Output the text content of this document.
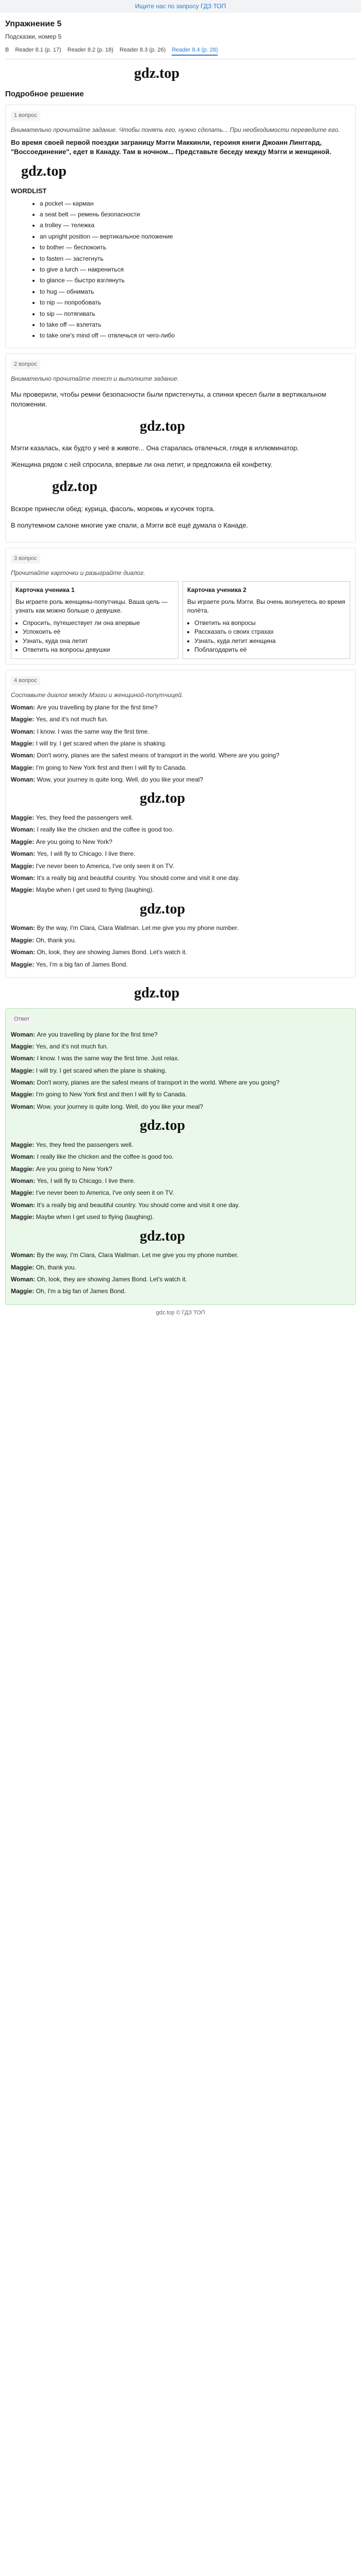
Ищите нас по запросу ГДЗ ТОП
Упражнение 5
Подсказки, номер 5
В Reader 8.1 (р. 17) Reader 8.2 (р. 18) Reader 8.3 (р. 26) Reader 8.4 (р. 28)
gdz.top
Подробное решение
1 вопрос
Внимательно прочитайте задание. Чтобы понять его, нужно сделать... При необходимости переведите его.
Во время своей первой поездки заграницу Мэгги Маккинли, героиня книги Джоанн Линггард, "Воссоединение", едет в Канаду. Там в ночном... Представьте беседу между Мэгги и женщиной.
gdz.top
WORDLIST
• a pocket — карман
• a seat belt — ремень безопасности
• a trolley — тележка
• an upright position — вертикальное положение
• to bother — беспокоить
• to fasten — застегнуть
• to give a lurch — накрениться
• to glance — быстро взглянуть
• to hug — обнимать
• to nip — попробовать
• to sip — потягивать
• to take off — взлетать
• to take one's mind off — отвлечься от чего-либо
2 вопрос
Внимательно прочитайте текст и выполните задание.

Мы проверили, чтобы ремни безопасности были пристегнуты, а спинки кресел были в вертикальном положении.

gdz.top

Мэгги казалась, как будто у неё в животе... Она старалась отвлечься, глядя в иллюминатор.

Женщина рядом с ней спросила, впервые ли она летит, и предложила ей конфетку.

gdz.top

Вскоре принесли обед: курица, фасоль, морковь и кусочек торта.

В полутемном салоне многие уже спали, а Мэгги всё ещё думала о Канаде.

3 вопрос
Прочитайте карточки и разыграйте диалог.
Карточка ученика 1
Вы играете роль женщины-попутчицы. Ваша цель — узнать как можно больше о девушке.
• Спросить, путешествует ли она впервые
• Успокоить её
• Узнать, куда она летит
• Ответить на вопросы девушки
Карточка ученика 2
Вы играете роль Мэгги. Вы очень волнуетесь во время полёта.
• Ответить на вопросы
• Рассказать о своих страхах
• Узнать, куда летит женщина
• Поблагодарить её
4 вопрос
Составьте диалог между Мэгги и женщиной-попутчицей.

Woman: Are you travelling by plane for the first time?

Maggie: Yes, and it's not much fun.

Woman: I know. I was the same way the first time.

Maggie: I will try. I get scared when the plane is shaking.

Woman: Don't worry, planes are the safest means of transport in the world. Where are you going?

Maggie: I'm going to New York first and then I will fly to Canada.

Woman: Wow, your journey is quite long. Well, do you like your meal?

gdz.top

Maggie: Yes, they feed the passengers well.

Woman: I really like the chicken and the coffee is good too.

Maggie: Are you going to New York?

Woman: Yes, I will fly to Chicago. I live there.

Maggie: I've never been to America, I've only seen it on TV.

Woman: It's a really big and beautiful country. You should come and visit it one day.

Maggie: Maybe when I get used to flying (laughing).

gdz.top

Woman: By the way, I'm Clara, Clara Wallman. Let me give you my phone number.

Maggie: Oh, thank you.

Woman: Oh, look, they are showing James Bond. Let's watch it.

Maggie: Yes, I'm a big fan of James Bond.

gdz.top
Ответ

Woman: Are you travelling by plane for the first time?

Maggie: Yes, and it's not much fun.

Woman: I know. I was the same way the first time. Just relax.

Maggie: I will try. I get scared when the plane is shaking.

Woman: Don't worry, planes are the safest means of transport in the world. Where are you going?

Maggie: I'm going to New York first and then I will fly to Canada.

Woman: Wow, your journey is quite long. Well, do you like your meal?

gdz.top

Maggie: Yes, they feed the passengers well.

Woman: I really like the chicken and the coffee is good too.

Maggie: Are you going to New York?

Woman: Yes, I will fly to Chicago. I live there.

Maggie: I've never been to America, I've only seen it on TV.

Woman: It's a really big and beautiful country. You should come and visit it one day.

Maggie: Maybe when I get used to flying (laughing).

gdz.top

Woman: By the way, I'm Clara, Clara Wallman. Let me give you my phone number.

Maggie: Oh, thank you.

Woman: Oh, look, they are showing James Bond. Let's watch it.

Maggie: Oh, I'm a big fan of James Bond.

gdz.top © ГДЗ ТОП
